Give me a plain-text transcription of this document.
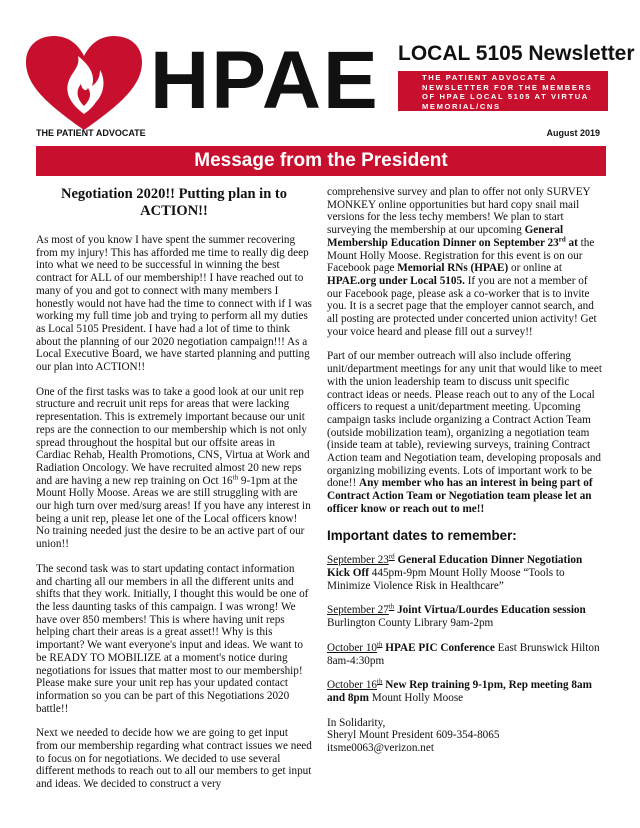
HPAE
THE PATIENT ADVOCATE
LOCAL 5105 Newsletter
THE PATIENT ADVOCATE A NEWSLETTER FOR THE MEMBERS OF HPAE LOCAL 5105 AT VIRTUA MEMORIAL/CNS
August 2019
Message from the President
Negotiation 2020!! Putting plan in to ACTION!!

As most of you know I have spent the summer recovering from my injury! This has afforded me time to really dig deep into what we need to be successful in winning the best contract for ALL of our membership!! I have reached out to many of you and got to connect with many members I honestly would not have had the time to connect with if I was working my full time job and trying to perform all my duties as Local 5105 President. I have had a lot of time to think about the planning of our 2020 negotiation campaign!!! As a Local Executive Board, we have started planning and putting our plan into ACTION!!

One of the first tasks was to take a good look at our unit rep structure and recruit unit reps for areas that were lacking representation. This is extremely important because our unit reps are the connection to our membership which is not only spread throughout the hospital but our offsite areas in Cardiac Rehab, Health Promotions, CNS, Virtua at Work and Radiation Oncology. We have recruited almost 20 new reps and are having a new rep training on Oct 16th 9-1pm at the Mount Holly Moose. Areas we are still struggling with are our high turn over med/surg areas! If you have any interest in being a unit rep, please let one of the Local officers know! No training needed just the desire to be an active part of our union!!

The second task was to start updating contact information and charting all our members in all the different units and shifts that they work. Initially, I thought this would be one of the less daunting tasks of this campaign. I was wrong! We have over 850 members! This is where having unit reps helping chart their areas is a great asset!! Why is this important? We want everyone's input and ideas. We want to be READY TO MOBILIZE at a moment's notice during negotiations for issues that matter most to our membership! Please make sure your unit rep has your updated contact information so you can be part of this Negotiations 2020 battle!!

Next we needed to decide how we are going to get input from our membership regarding what contract issues we need to focus on for negotiations. We decided to use several different methods to reach out to all our members to get input and ideas. We decided to construct a very

comprehensive survey and plan to offer not only SURVEY MONKEY online opportunities but hard copy snail mail versions for the less techy members! We plan to start surveying the membership at our upcoming General Membership Education Dinner on September 23rd at the Mount Holly Moose. Registration for this event is on our Facebook page Memorial RNs (HPAE) or online at HPAE.org under Local 5105. If you are not a member of our Facebook page, please ask a co-worker that is to invite you. It is a secret page that the employer cannot search, and all posting are protected under concerted union activity! Get your voice heard and please fill out a survey!!

Part of our member outreach will also include offering unit/department meetings for any unit that would like to meet with the union leadership team to discuss unit specific contract ideas or needs. Please reach out to any of the Local officers to request a unit/department meeting. Upcoming campaign tasks include organizing a Contract Action Team (outside mobilization team), organizing a negotiation team (inside team at table), reviewing surveys, training Contract Action team and Negotiation team, developing proposals and organizing mobilizing events. Lots of important work to be done!! Any member who has an interest in being part of Contract Action Team or Negotiation team please let an officer know or reach out to me!!

Important dates to remember:
September 23rd General Education Dinner Negotiation Kick Off 445pm-9pm Mount Holly Moose “Tools to Minimize Violence Risk in Healthcare”
September 27th Joint Virtua/Lourdes Education session Burlington County Library 9am-2pm
October 10th HPAE PIC Conference East Brunswick Hilton 8am-4:30pm
October 16th New Rep training 9-1pm, Rep meeting 8am and 8pm Mount Holly Moose

In Solidarity,

Sheryl Mount President 609-354-8065

itsme0063@verizon.net
